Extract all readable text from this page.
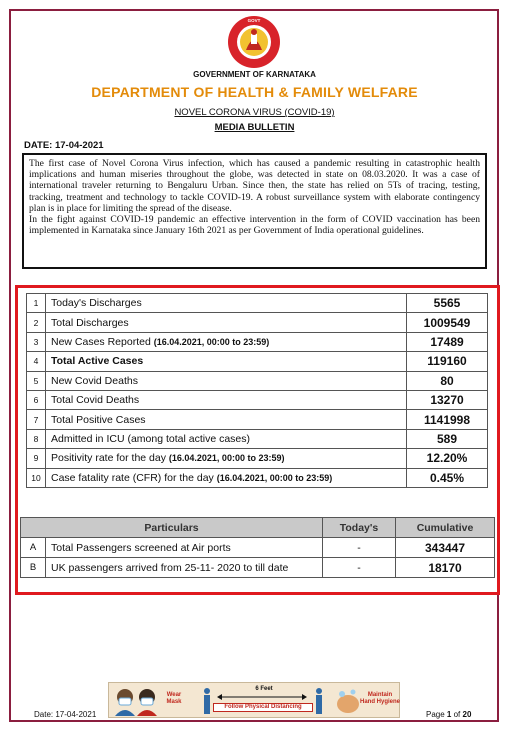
GOVT
GOVERNMENT OF KARNATAKA
DEPARTMENT OF HEALTH & FAMILY WELFARE
NOVEL CORONA VIRUS (COVID-19)
MEDIA BULLETIN
DATE: 17-04-2021

The first case of Novel Corona Virus infection, which has caused a pandemic resulting in catastrophic health implications and human miseries throughout the globe, was detected in state on 08.03.2020. It was a case of international traveler returning to Bengaluru Urban. Since then, the state has relied on 5Ts of tracing, testing, tracking, treatment and technology to tackle COVID-19. A robust surveillance system with elaborate contingency plan is in place for limiting the spread of the disease.

In the fight against COVID-19 pandemic an effective intervention in the form of COVID vaccination has been implemented in Karnataka since January 16th 2021 as per Government of India operational guidelines.

1	Today's Discharges	5565
2	Total Discharges	1009549
3	New Cases Reported (16.04.2021, 00:00 to 23:59)	17489
4	Total Active Cases	119160
5	New Covid Deaths	80
6	Total Covid Deaths	13270
7	Total Positive Cases	1141998
8	Admitted in ICU (among total active cases)	589
9	Positivity rate for the day (16.04.2021, 00:00 to 23:59)	12.20%
10	Case fatality rate (CFR) for the day (16.04.2021, 00:00 to 23:59)	0.45%
Particulars		Today's	Cumulative
A	Total Passengers screened at Air ports	-	343447
B	UK passengers arrived from 25-11- 2020 to till date	-	18170
Wear
Mask
6 Feet
Follow Physical Distancing
Maintain
Hand Hygiene
Date: 17-04-2021	Page 1 of 20
